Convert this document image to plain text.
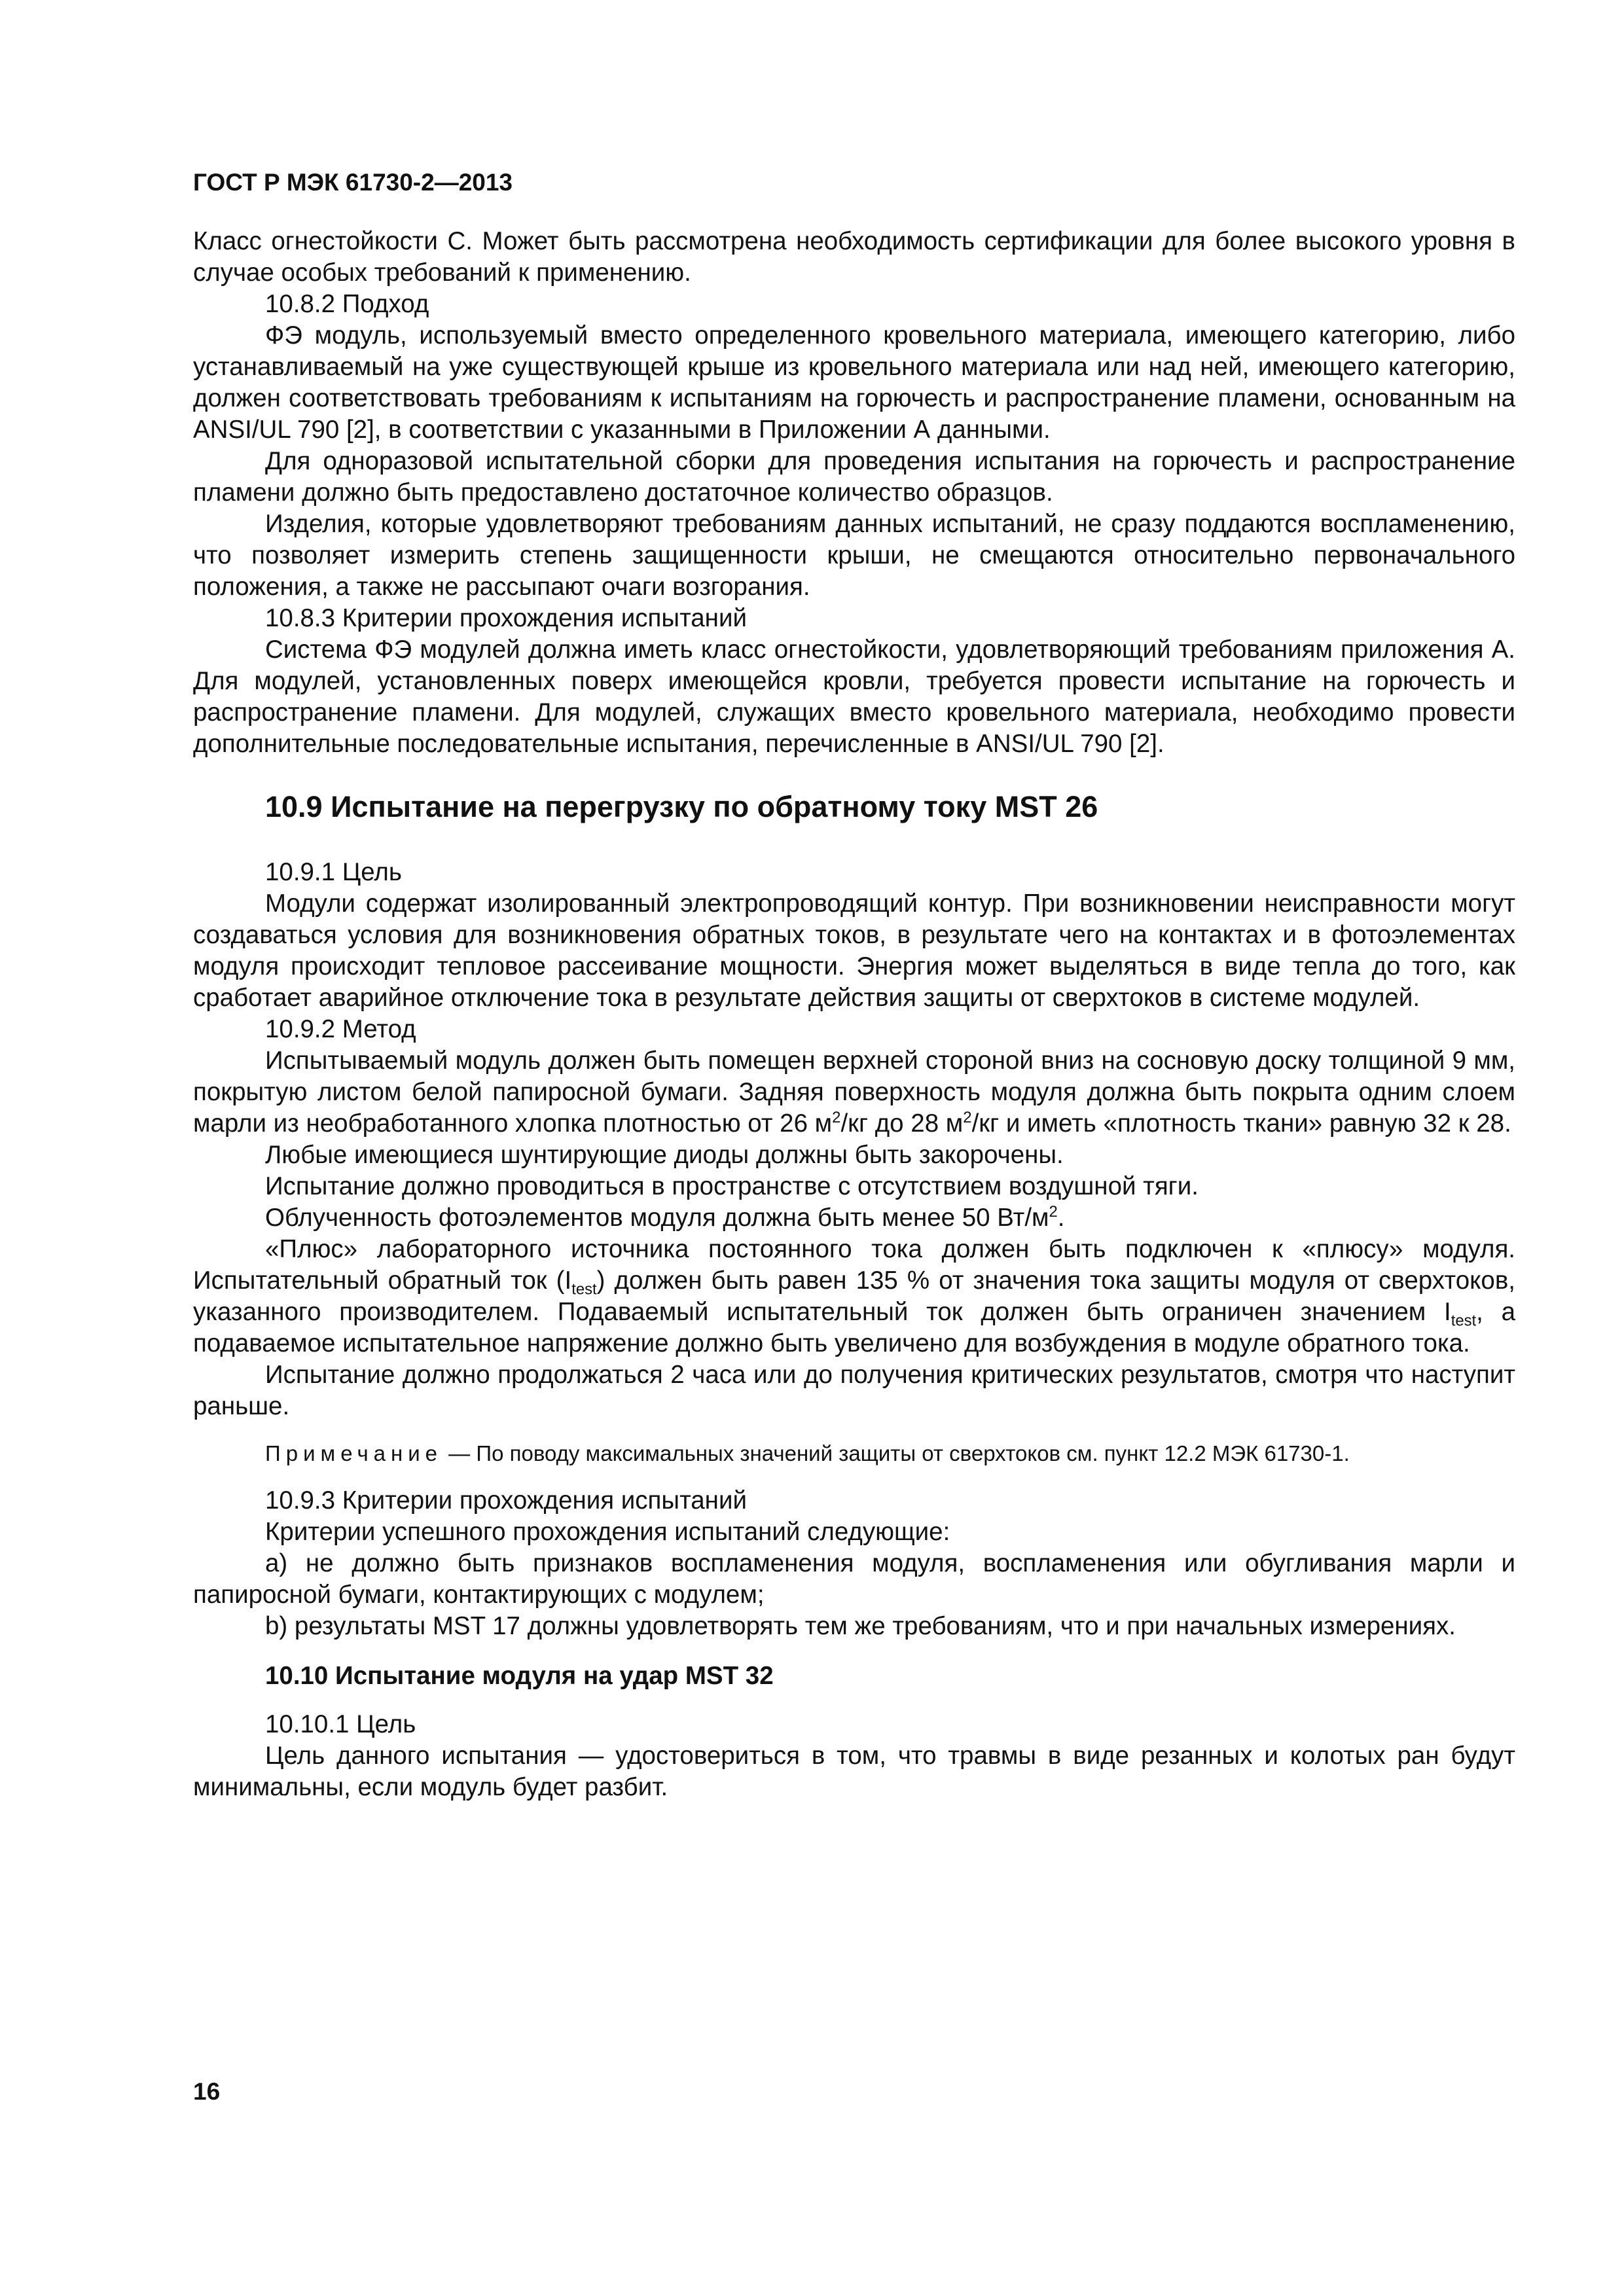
ГОСТ Р МЭК 61730-2—2013

Класс огнестойкости С. Может быть рассмотрена необходимость сертификации для более высокого уровня в случае особых требований к применению.

10.8.2 Подход

ФЭ модуль, используемый вместо определенного кровельного материала, имеющего категорию, либо устанавливаемый на уже существующей крыше из кровельного материала или над ней, имеющего категорию, должен соответствовать требованиям к испытаниям на горючесть и распространение пламени, основанным на ANSI/UL 790 [2], в соответствии с указанными в Приложении А данными.

Для одноразовой испытательной сборки для проведения испытания на горючесть и распространение пламени должно быть предоставлено достаточное количество образцов.

Изделия, которые удовлетворяют требованиям данных испытаний, не сразу поддаются воспламенению, что позволяет измерить степень защищенности крыши, не смещаются относительно первоначального положения, а также не рассыпают очаги возгорания.

10.8.3 Критерии прохождения испытаний

Система ФЭ модулей должна иметь класс огнестойкости, удовлетворяющий требованиям приложения А. Для модулей, установленных поверх имеющейся кровли, требуется провести испытание на горючесть и распространение пламени. Для модулей, служащих вместо кровельного материала, необходимо провести дополнительные последовательные испытания, перечисленные в ANSI/UL 790 [2].

10.9 Испытание на перегрузку по обратному току MST 26

10.9.1 Цель

Модули содержат изолированный электропроводящий контур. При возникновении неисправности могут создаваться условия для возникновения обратных токов, в результате чего на контактах и в фотоэлементах модуля происходит тепловое рассеивание мощности. Энергия может выделяться в виде тепла до того, как сработает аварийное отключение тока в результате действия защиты от сверхтоков в системе модулей.

10.9.2 Метод

Испытываемый модуль должен быть помещен верхней стороной вниз на сосновую доску толщиной 9 мм, покрытую листом белой папиросной бумаги. Задняя поверхность модуля должна быть покрыта одним слоем марли из необработанного хлопка плотностью от 26 $м^2/кг$ до 28 $м^2/кг$ и иметь «плотность ткани» равную 32 к 28.

Любые имеющиеся шунтирующие диоды должны быть закорочены.

Испытание должно проводиться в пространстве с отсутствием воздушной тяги.

Облученность фотоэлементов модуля должна быть менее 50 $Вт/м^2$.

«Плюс» лабораторного источника постоянного тока должен быть подключен к «плюсу» модуля. Испытательный обратный ток $(I_{test})$ должен быть равен 135 % от значения тока защиты модуля от сверхтоков, указанного производителем. Подаваемый испытательный ток должен быть ограничен значением $I_{test}$, а подаваемое испытательное напряжение должно быть увеличено для возбуждения в модуле обратного тока.

Испытание должно продолжаться 2 часа или до получения критических результатов, смотря что наступит раньше.

Примечание — По поводу максимальных значений защиты от сверхтоков см. пункт 12.2 МЭК 61730-1.

10.9.3 Критерии прохождения испытаний

Критерии успешного прохождения испытаний следующие:

a) не должно быть признаков воспламенения модуля, воспламенения или обугливания марли и папиросной бумаги, контактирующих с модулем;

b) результаты MST 17 должны удовлетворять тем же требованиям, что и при начальных измерениях.

10.10 Испытание модуля на удар MST 32

10.10.1 Цель

Цель данного испытания — удостовериться в том, что травмы в виде резанных и колотых ран будут минимальны, если модуль будет разбит.

16
